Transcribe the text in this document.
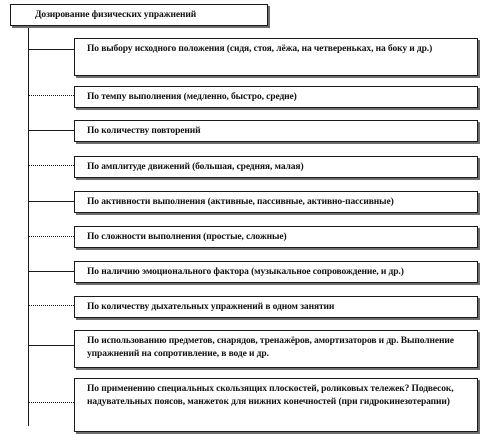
Дозирование физических упражнений
По выбору исходного положения (сидя, стоя, лёжа, на четвереньках, на боку и др.)
По темпу выполнения (медленно, быстро, средне)
По количеству повторений
По амплитуде движений (большая, средняя, малая)
По активности выполнения (активные, пассивные, активно-пассивные)
По сложности выполнения (простые, сложные)
По наличию эмоционального фактора (музыкальное сопровождение, и др.)
По количеству дыхательных упражнений в одном занятии
По использованию предметов, снарядов, тренажёров, амортизаторов и др. Выполнение упражнений на сопротивление, в воде и др.
По применению специальных скользящих плоскостей, роликовых тележек? Подвесок, надувательных поясов, манжеток для нижних конечностей (при гидрокинезотерапии)
